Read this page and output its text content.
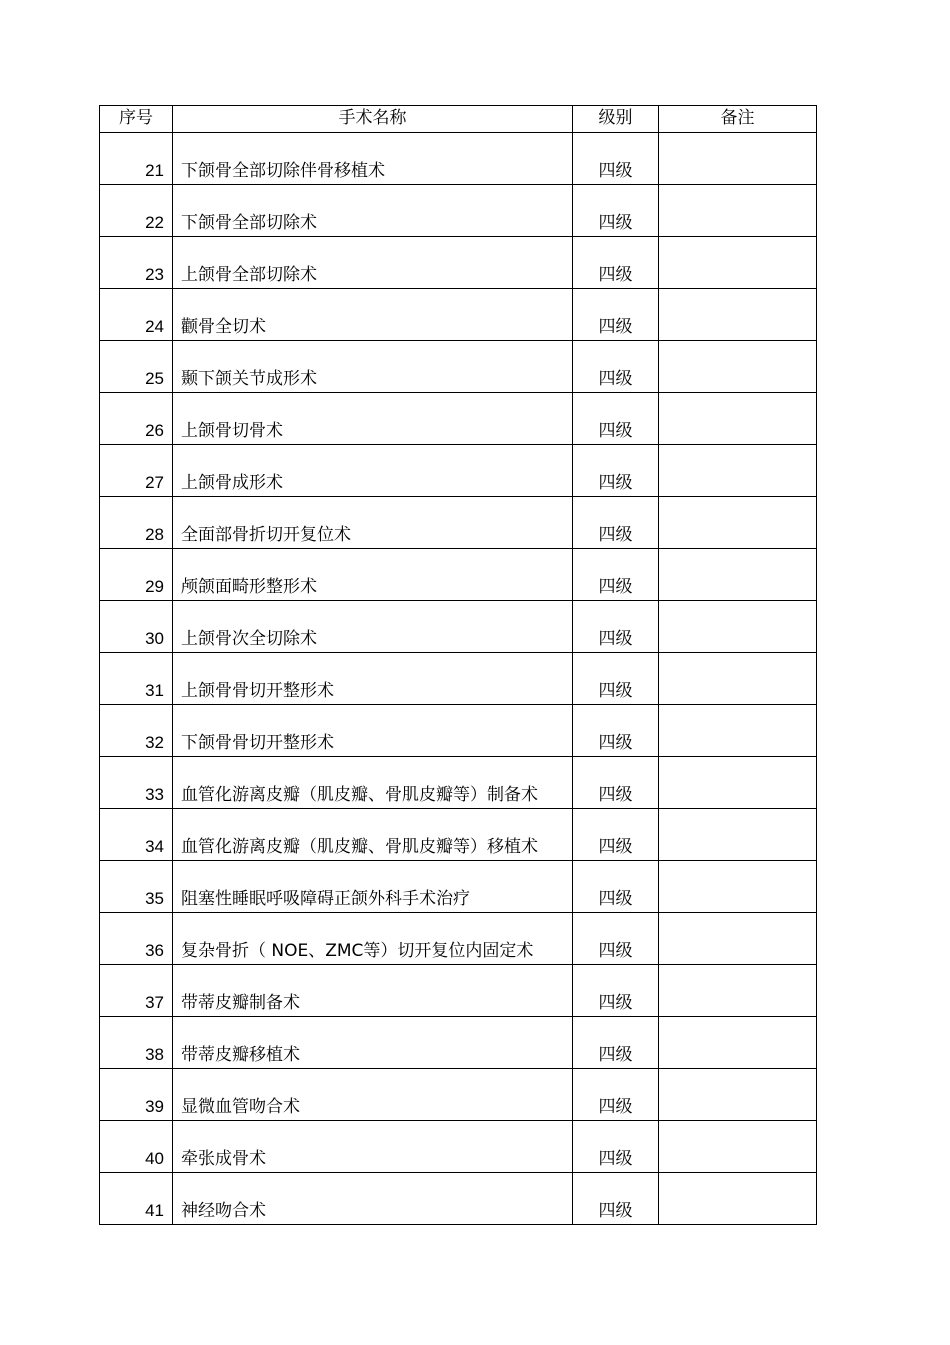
序号	手术名称	级别	备注
21	下颌骨全部切除伴骨移植术	四级	
22	下颌骨全部切除术	四级	
23	上颌骨全部切除术	四级	
24	颧骨全切术	四级	
25	颞下颌关节成形术	四级	
26	上颌骨切骨术	四级	
27	上颌骨成形术	四级	
28	全面部骨折切开复位术	四级	
29	颅颌面畸形整形术	四级	
30	上颌骨次全切除术	四级	
31	上颌骨骨切开整形术	四级	
32	下颌骨骨切开整形术	四级	
33	血管化游离皮瓣（肌皮瓣、骨肌皮瓣等）制备术	四级	
34	血管化游离皮瓣（肌皮瓣、骨肌皮瓣等）移植术	四级	
35	阻塞性睡眠呼吸障碍正颌外科手术治疗	四级	
36	复杂骨折（ NOE、ZMC等）切开复位内固定术	四级	
37	带蒂皮瓣制备术	四级	
38	带蒂皮瓣移植术	四级	
39	显微血管吻合术	四级	
40	牵张成骨术	四级	
41	神经吻合术	四级	
